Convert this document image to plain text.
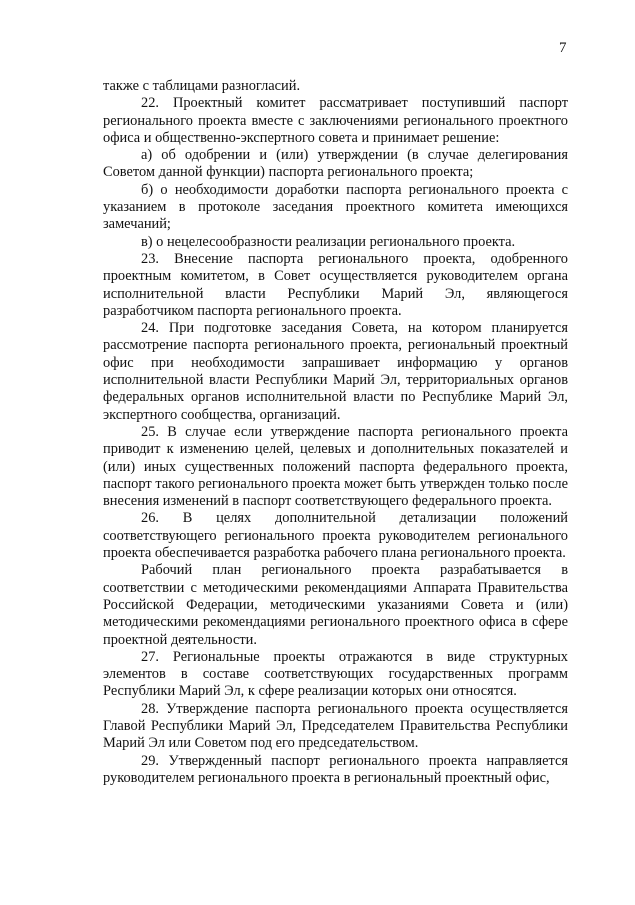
7

также с таблицами разногласий.

22. Проектный комитет рассматривает поступивший паспорт регионального проекта вместе с заключениями регионального проектного офиса и общественно-экспертного совета и принимает решение:

а) об одобрении и (или) утверждении (в случае делегирования Советом данной функции) паспорта регионального проекта;

б) о необходимости доработки паспорта регионального проекта с указанием в протоколе заседания проектного комитета имеющихся замечаний;

в) о нецелесообразности реализации регионального проекта.

23. Внесение паспорта регионального проекта, одобренного проектным комитетом, в Совет осуществляется руководителем органа исполнительной власти Республики Марий Эл, являющегося разработчиком паспорта регионального проекта.

24. При подготовке заседания Совета, на котором планируется рассмотрение паспорта регионального проекта, региональный проектный офис при необходимости запрашивает информацию у органов исполнительной власти Республики Марий Эл, территориальных органов федеральных органов исполнительной власти по Республике Марий Эл, экспертного сообщества, организаций.

25. В случае если утверждение паспорта регионального проекта приводит к изменению целей, целевых и дополнительных показателей и (или) иных существенных положений паспорта федерального проекта, паспорт такого регионального проекта может быть утвержден только после внесения изменений в паспорт соответствующего федерального проекта.

26. В целях дополнительной детализации положений соответствующего регионального проекта руководителем регионального проекта обеспечивается разработка рабочего плана регионального проекта.

Рабочий план регионального проекта разрабатывается в соответствии с методическими рекомендациями Аппарата Правительства Российской Федерации, методическими указаниями Совета и (или) методическими рекомендациями регионального проектного офиса в сфере проектной деятельности.

27. Региональные проекты отражаются в виде структурных элементов в составе соответствующих государственных программ Республики Марий Эл, к сфере реализации которых они относятся.

28. Утверждение паспорта регионального проекта осуществляется Главой Республики Марий Эл, Председателем Правительства Республики Марий Эл или Советом под его председательством.

29. Утвержденный паспорт регионального проекта направляется руководителем регионального проекта в региональный проектный офис,
